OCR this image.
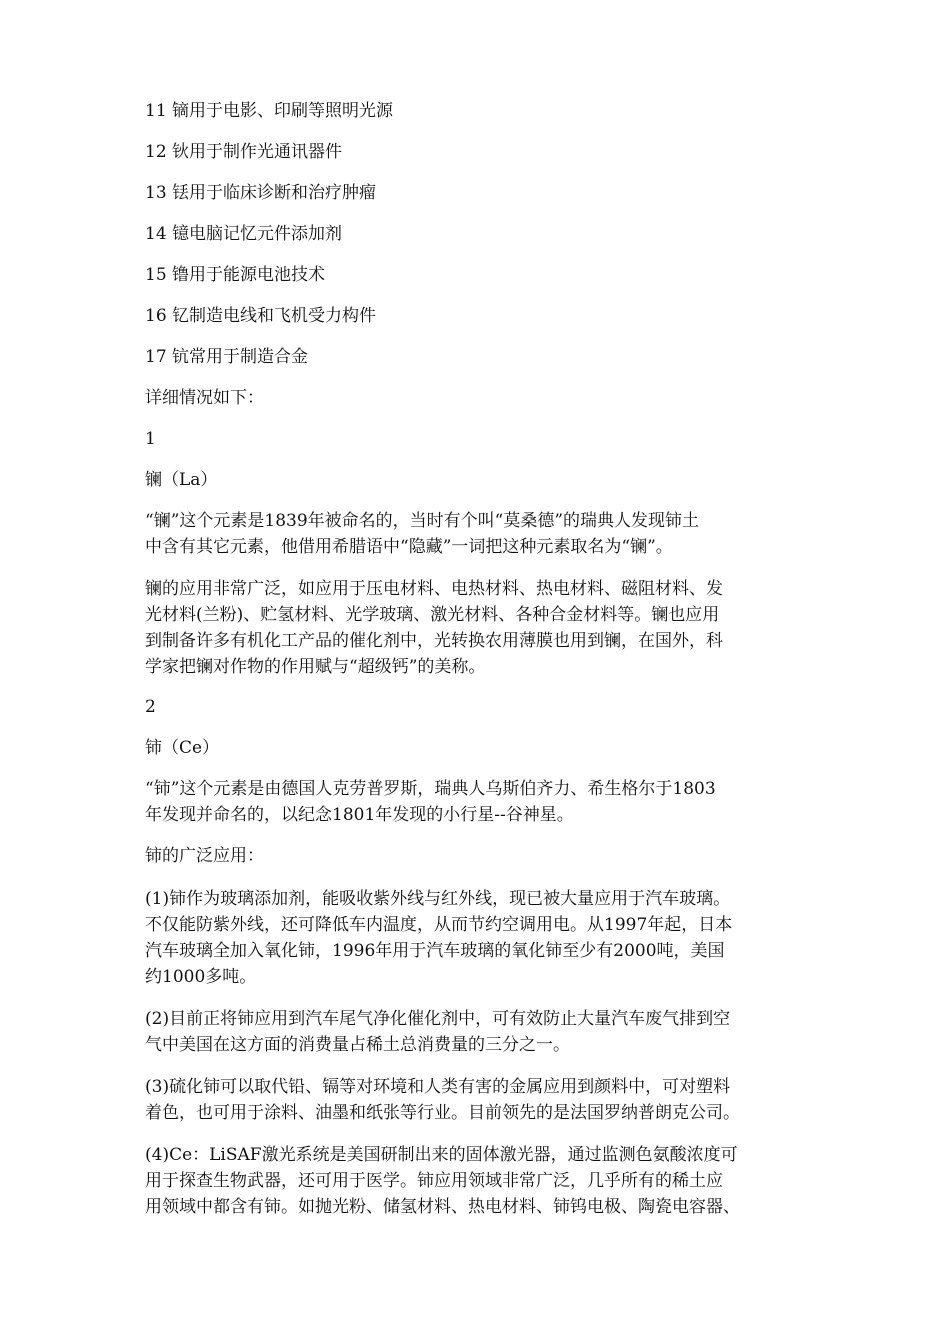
11 镝用于电影、印刷等照明光源

12 钬用于制作光通讯器件

13 铥用于临床诊断和治疗肿瘤

14 镱电脑记忆元件添加剂

15 镥用于能源电池技术

16 钇制造电线和飞机受力构件

17 钪常用于制造合金

详细情况如下：

1

镧（La）

“镧”这个元素是1839年被命名的，当时有个叫“莫桑德”的瑞典人发现铈土
中含有其它元素，他借用希腊语中“隐藏”一词把这种元素取名为“镧”。
镧的应用非常广泛，如应用于压电材料、电热材料、热电材料、磁阻材料、发
光材料(兰粉)、贮氢材料、光学玻璃、激光材料、各种合金材料等。镧也应用
到制备许多有机化工产品的催化剂中，光转换农用薄膜也用到镧，在国外，科
学家把镧对作物的作用赋与“超级钙”的美称。

2

铈（Ce）

“铈”这个元素是由德国人克劳普罗斯，瑞典人乌斯伯齐力、希生格尔于1803
年发现并命名的，以纪念1801年发现的小行星--谷神星。

铈的广泛应用：

(1)铈作为玻璃添加剂，能吸收紫外线与红外线，现已被大量应用于汽车玻璃。
不仅能防紫外线，还可降低车内温度，从而节约空调用电。从1997年起，日本
汽车玻璃全加入氧化铈，1996年用于汽车玻璃的氧化铈至少有2000吨，美国
约1000多吨。
(2)目前正将铈应用到汽车尾气净化催化剂中，可有效防止大量汽车废气排到空
气中美国在这方面的消费量占稀土总消费量的三分之一。
(3)硫化铈可以取代铅、镉等对环境和人类有害的金属应用到颜料中，可对塑料
着色，也可用于涂料、油墨和纸张等行业。目前领先的是法国罗纳普朗克公司。
(4)Ce：LiSAF激光系统是美国研制出来的固体激光器，通过监测色氨酸浓度可
用于探查生物武器，还可用于医学。铈应用领域非常广泛，几乎所有的稀土应
用领域中都含有铈。如抛光粉、储氢材料、热电材料、铈钨电极、陶瓷电容器、
